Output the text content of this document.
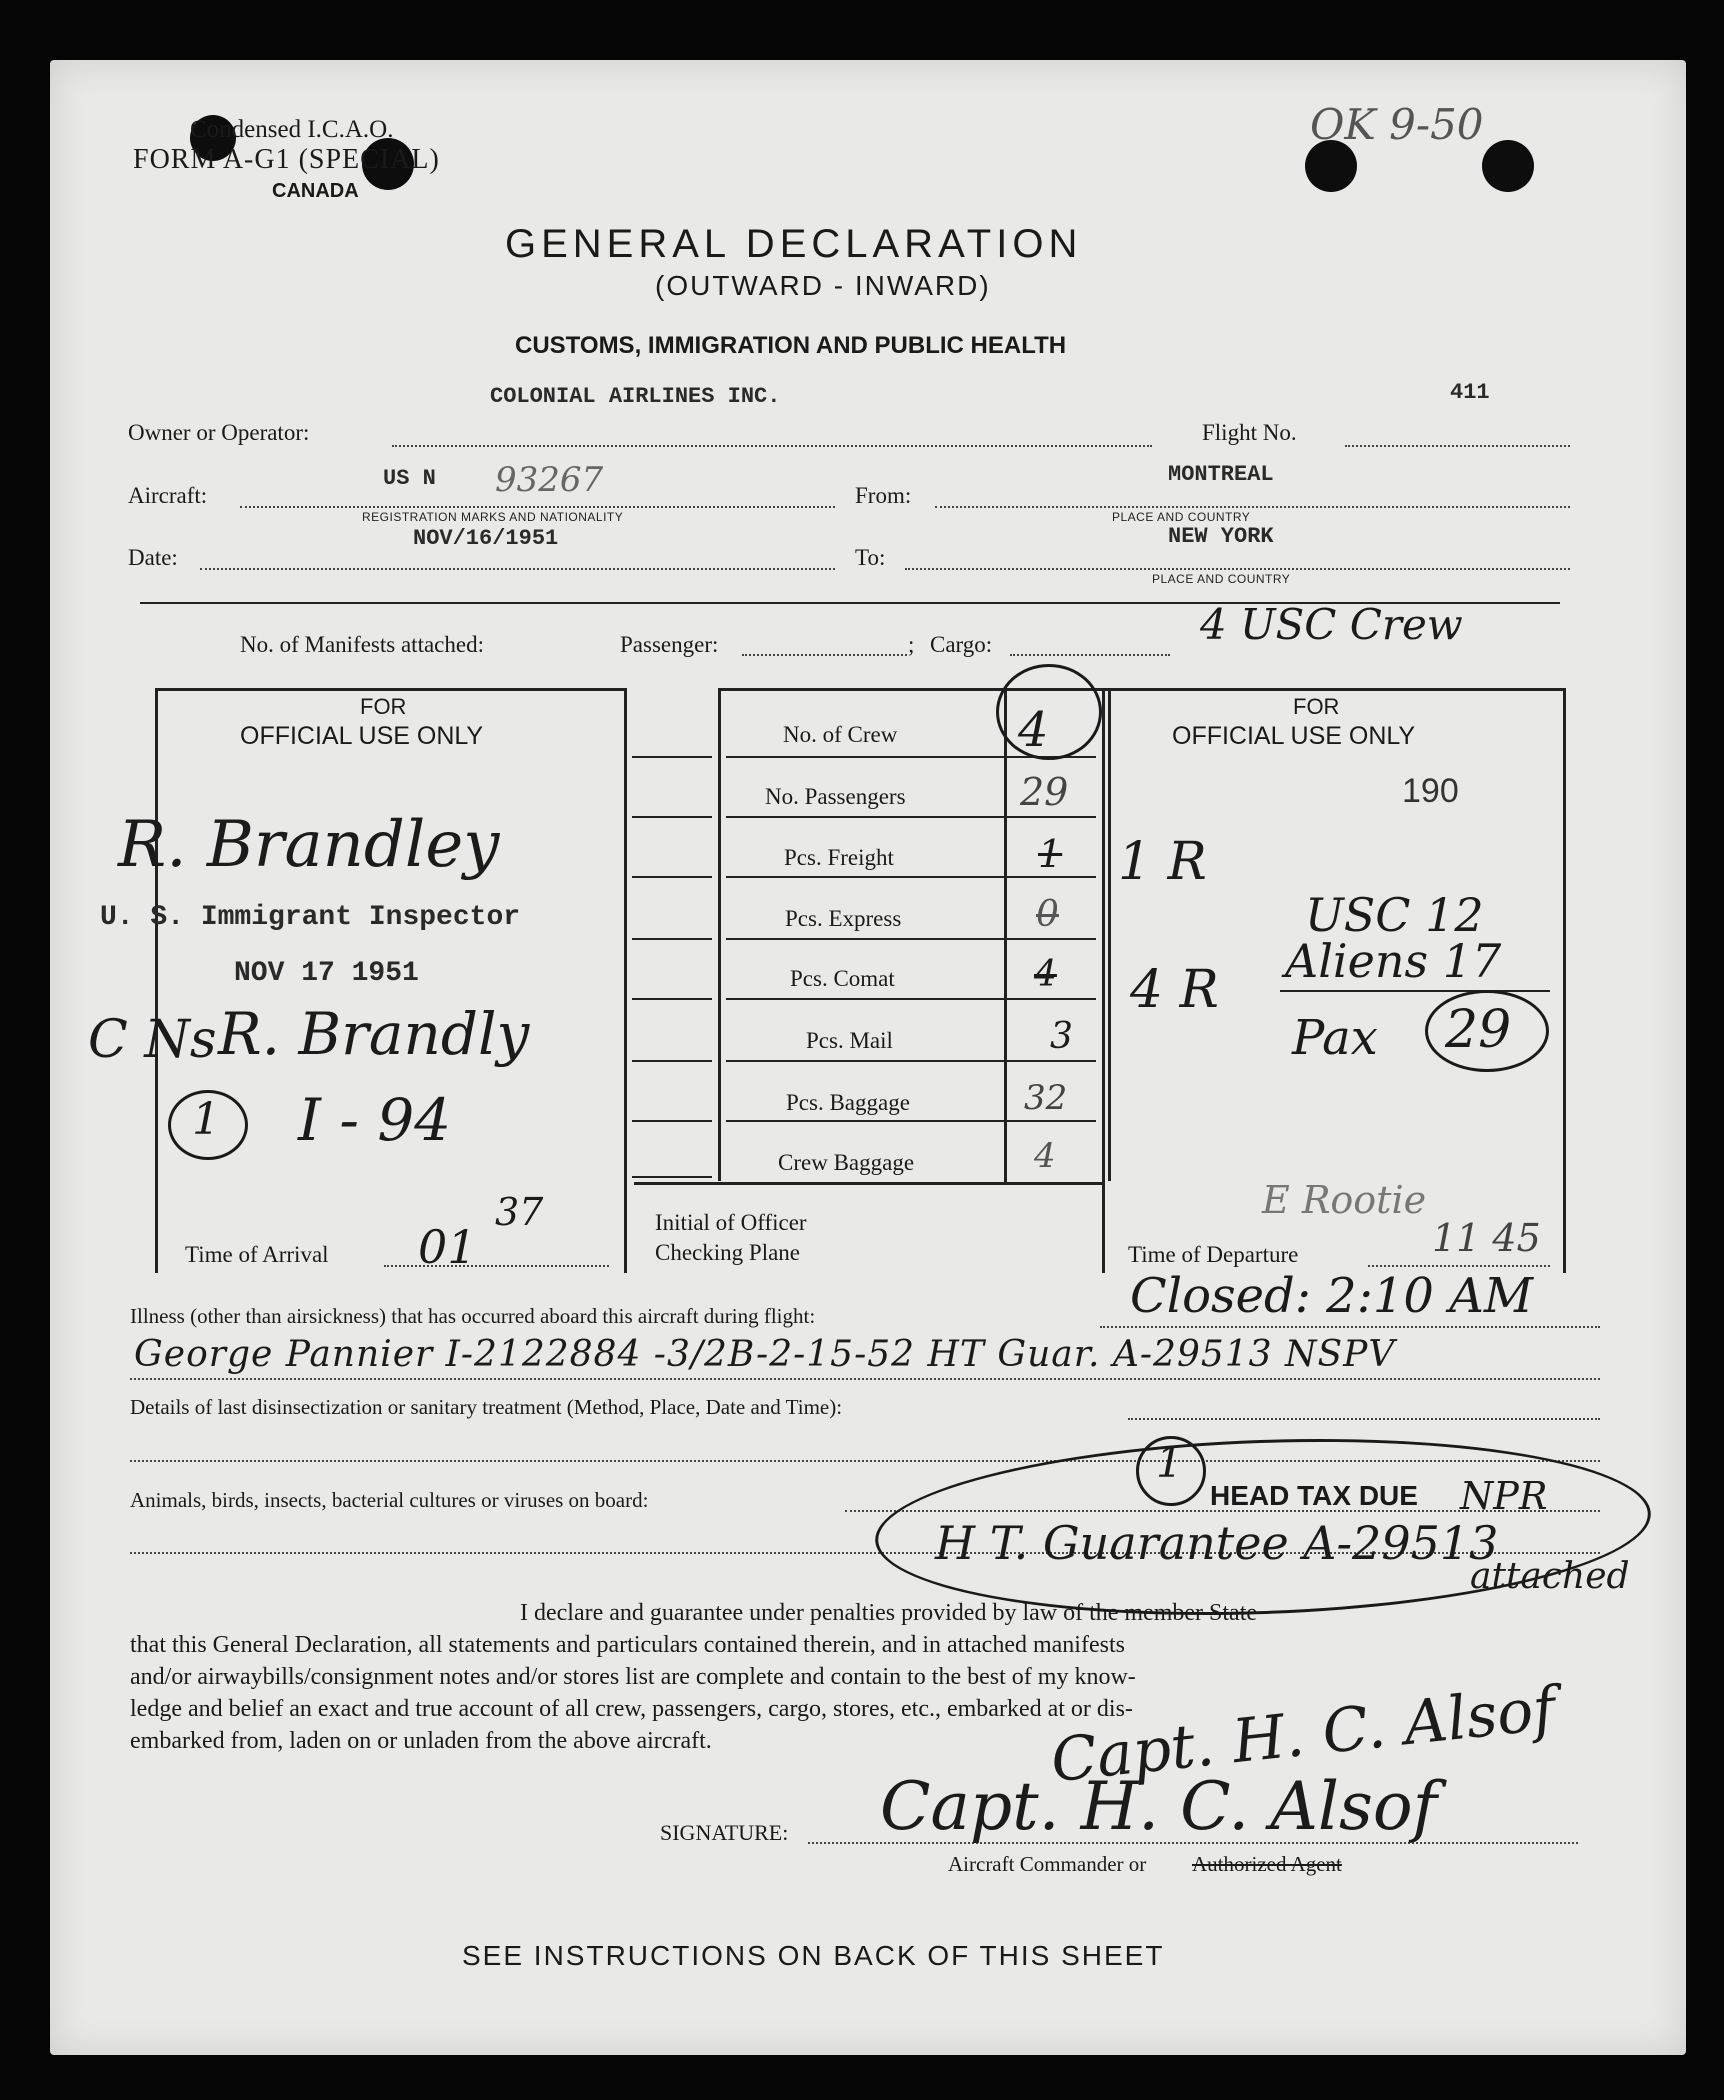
Condensed I.C.A.O.
FORM A-G1 (SPECIAL)
CANADA
OK 9-50
GENERAL DECLARATION
(OUTWARD - INWARD)
CUSTOMS, IMMIGRATION AND PUBLIC HEALTH
COLONIAL AIRLINES INC.	411
Owner or Operator:	Flight No.
US N 93267	MONTREAL
Aircraft:
REGISTRATION MARKS AND NATIONALITY
From:
PLACE AND COUNTRY
NOV/16/1951	NEW YORK
Date:	To:
PLACE AND COUNTRY
No. of Manifests attached:	Passenger:	; Cargo:	4 USC Crew
FOR
OFFICIAL USE ONLY
FOR
OFFICIAL USE ONLY
190
No. of Crew	4
No. Passengers	29
Pcs. Freight	1
Pcs. Express	0
Pcs. Comat	4
Pcs. Mail	3
Pcs. Baggage	32
Crew Baggage	4
R. Brandley
U. S. Immigrant Inspector
NOV 17 1951
C Ns R. Brandly
1 I - 94
1 R
4 R
USC 12
Aliens 17
Pax 29
Initial of Officer
Checking Plane
Time of Arrival 01
37
Time of Departure
E Rootie
11 45
Illness (other than airsickness) that has occurred aboard this aircraft during flight:	Closed: 2:10 AM
George Pannier I-2122884 -3/2B-2-15-52 HT Guar. A-29513 NSPV
Details of last disinsectization or sanitary treatment (Method, Place, Date and Time):
Animals, birds, insects, bacterial cultures or viruses on board:
1
HEAD TAX DUE NPR
H T. Guarantee A-29513
attached
I declare and guarantee under penalties provided by law of the member State
that this General Declaration, all statements and particulars contained therein, and in attached manifests
and/or airwaybills/consignment notes and/or stores list are complete and contain to the best of my know-
ledge and belief an exact and true account of all crew, passengers, cargo, stores, etc., embarked at or dis-
embarked from, laden on or unladen from the above aircraft.	Capt. H. C. Alsof
SIGNATURE: Capt. H. C. Alsof
Aircraft Commander or Authorized Agent
SEE INSTRUCTIONS ON BACK OF THIS SHEET
